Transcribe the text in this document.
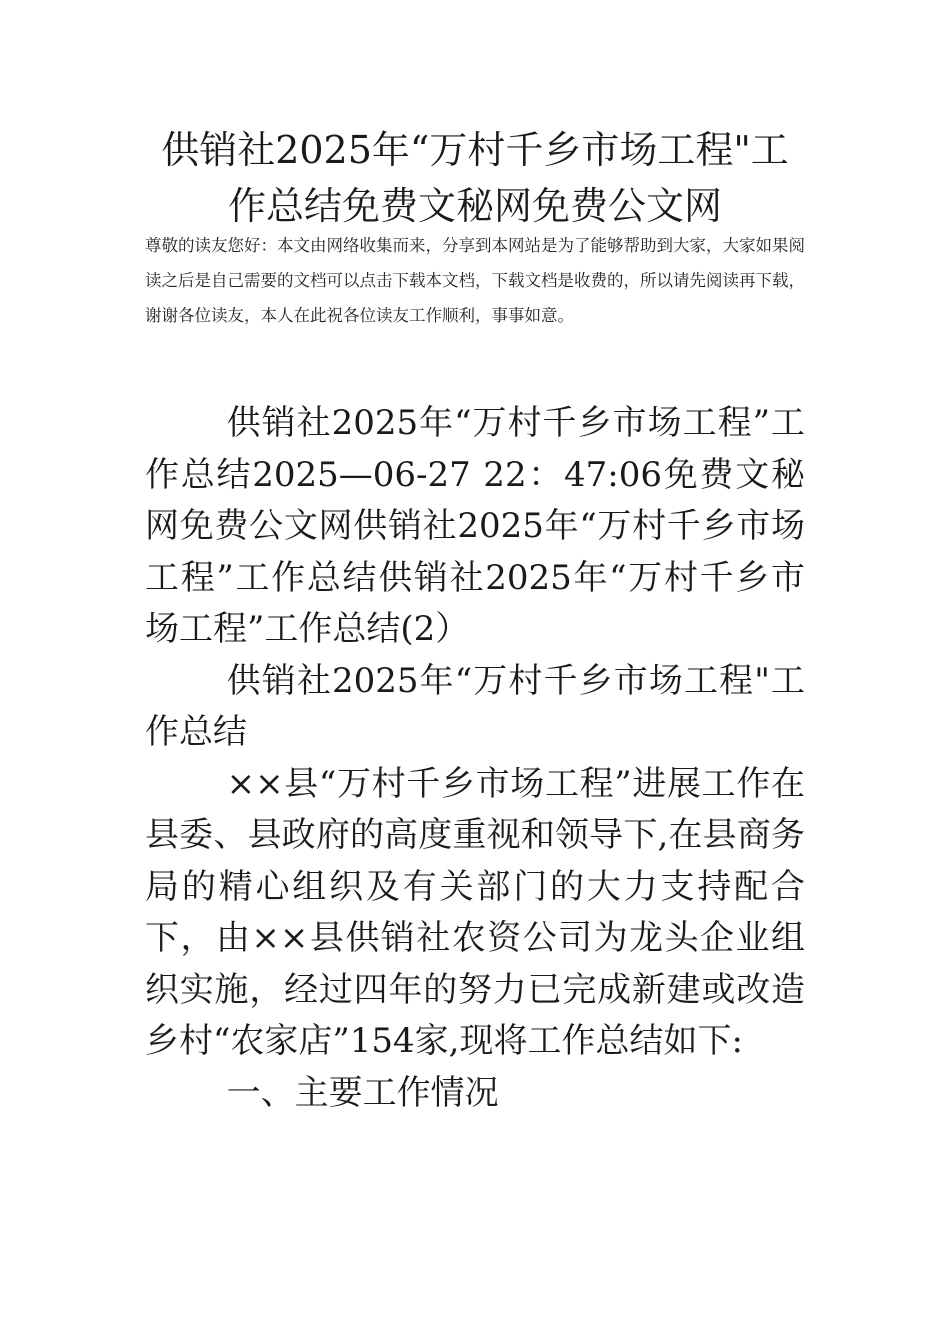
供销社2025年“万村千乡市场工程"工作总结免费文秘网免费公文网

尊敬的读友您好：本文由网络收集而来，分享到本网站是为了能够帮助到大家，大家如果阅读之后是自己需要的文档可以点击下载本文档，下载文档是收费的，所以请先阅读再下载，谢谢各位读友，本人在此祝各位读友工作顺利，事事如意。

供销社2025年“万村千乡市场工程”工作总结2025—06-27 22：47:06免费文秘网免费公文网供销社2025年“万村千乡市场工程”工作总结供销社2025年“万村千乡市场工程”工作总结(2）

供销社2025年“万村千乡市场工程"工作总结

××县“万村千乡市场工程”进展工作在县委、县政府的高度重视和领导下,在县商务局的精心组织及有关部门的大力支持配合下，由××县供销社农资公司为龙头企业组织实施，经过四年的努力已完成新建或改造乡村“农家店”154家,现将工作总结如下:

一、主要工作情况
